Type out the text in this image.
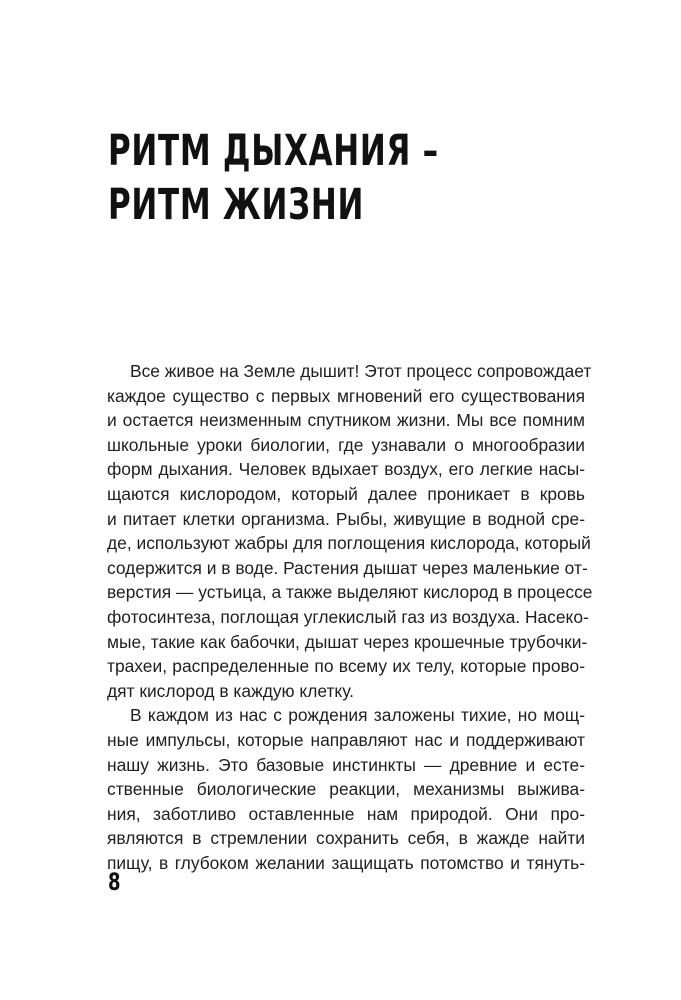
РИТМ ДЫХАНИЯ –
РИТМ ЖИЗНИ
Все живое на Земле дышит! Этот процесс сопровождает
каждое существо с первых мгновений его существования
и остается неизменным спутником жизни. Мы все помним
школьные уроки биологии, где узнавали о многообразии
форм дыхания. Человек вдыхает воздух, его легкие насы-
щаются кислородом, который далее проникает в кровь
и питает клетки организма. Рыбы, живущие в водной сре-
де, используют жабры для поглощения кислорода, который
содержится и в воде. Растения дышат через маленькие от-
верстия — устьица, а также выделяют кислород в процессе
фотосинтеза, поглощая углекислый газ из воздуха. Насеко-
мые, такие как бабочки, дышат через крошечные трубочки-
трахеи, распределенные по всему их телу, которые прово-
дят кислород в каждую клетку.
В каждом из нас с рождения заложены тихие, но мощ-
ные импульсы, которые направляют нас и поддерживают
нашу жизнь. Это базовые инстинкты — древние и есте-
ственные биологические реакции, механизмы выжива-
ния, заботливо оставленные нам природой. Они про-
являются в стремлении сохранить себя, в жажде найти
пищу, в глубоком желании защищать потомство и тянуть-
8
